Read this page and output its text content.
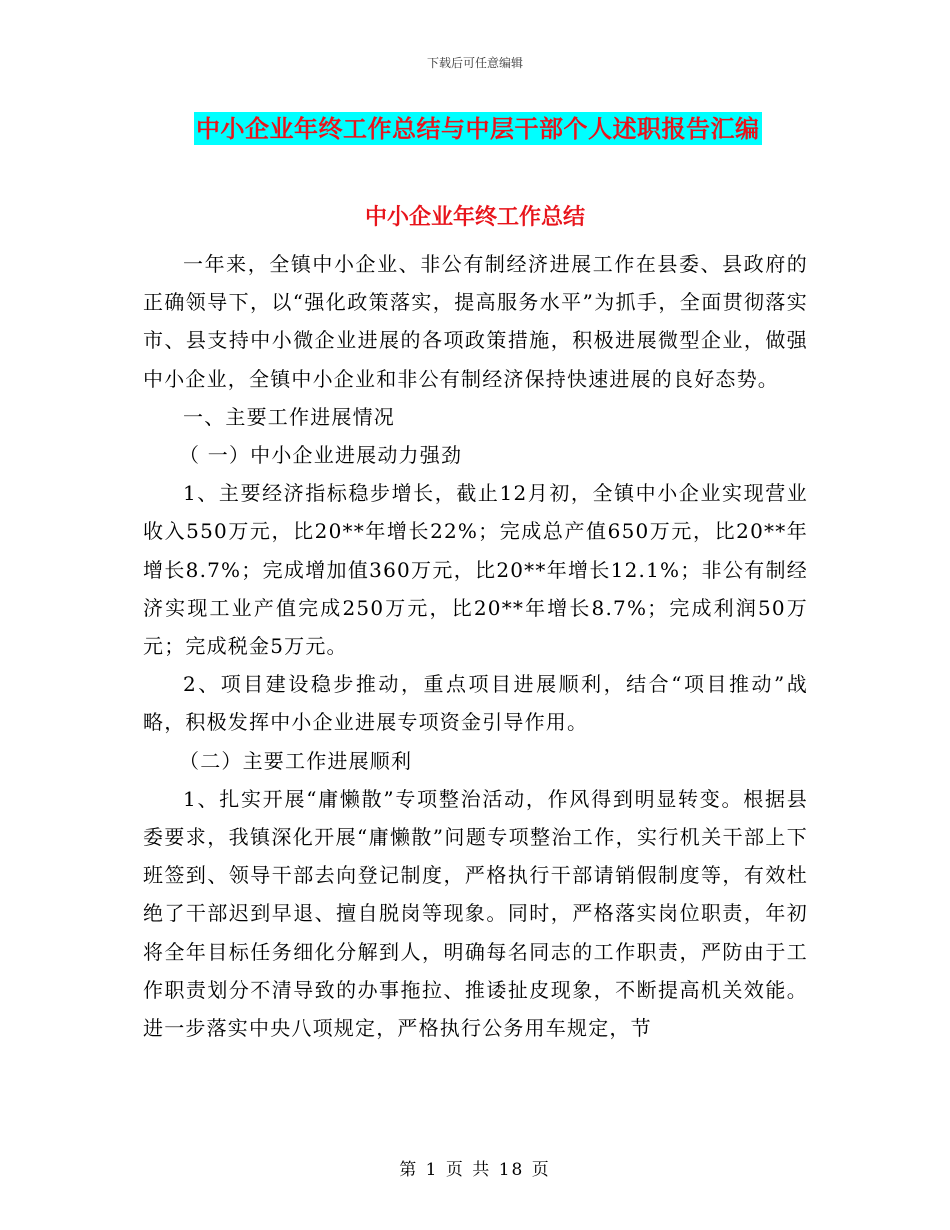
下载后可任意编辑
中小企业年终工作总结与中层干部个人述职报告汇编
中小企业年终工作总结

一年来，全镇中小企业、非公有制经济进展工作在县委、县政府的正确领导下，以“强化政策落实，提高服务水平”为抓手，全面贯彻落实市、县支持中小微企业进展的各项政策措施，积极进展微型企业，做强中小企业，全镇中小企业和非公有制经济保持快速进展的良好态势。

一、主要工作进展情况

（ 一）中小企业进展动力强劲

1、主要经济指标稳步增长，截止12月初，全镇中小企业实现营业收入550万元，比20**年增长22%；完成总产值650万元，比20**年增长8.7%；完成增加值360万元，比20**年增长12.1%；非公有制经济实现工业产值完成250万元，比20**年增长8.7%；完成利润50万元；完成税金5万元。

2、项目建设稳步推动，重点项目进展顺利，结合“项目推动”战略，积极发挥中小企业进展专项资金引导作用。

（二）主要工作进展顺利

1、扎实开展“庸懒散”专项整治活动，作风得到明显转变。根据县委要求，我镇深化开展“庸懒散”问题专项整治工作，实行机关干部上下班签到、领导干部去向登记制度，严格执行干部请销假制度等，有效杜绝了干部迟到早退、擅自脱岗等现象。同时，严格落实岗位职责，年初将全年目标任务细化分解到人，明确每名同志的工作职责，严防由于工作职责划分不清导致的办事拖拉、推诿扯皮现象，不断提高机关效能。进一步落实中央八项规定，严格执行公务用车规定，节

第 1 页 共 18 页
